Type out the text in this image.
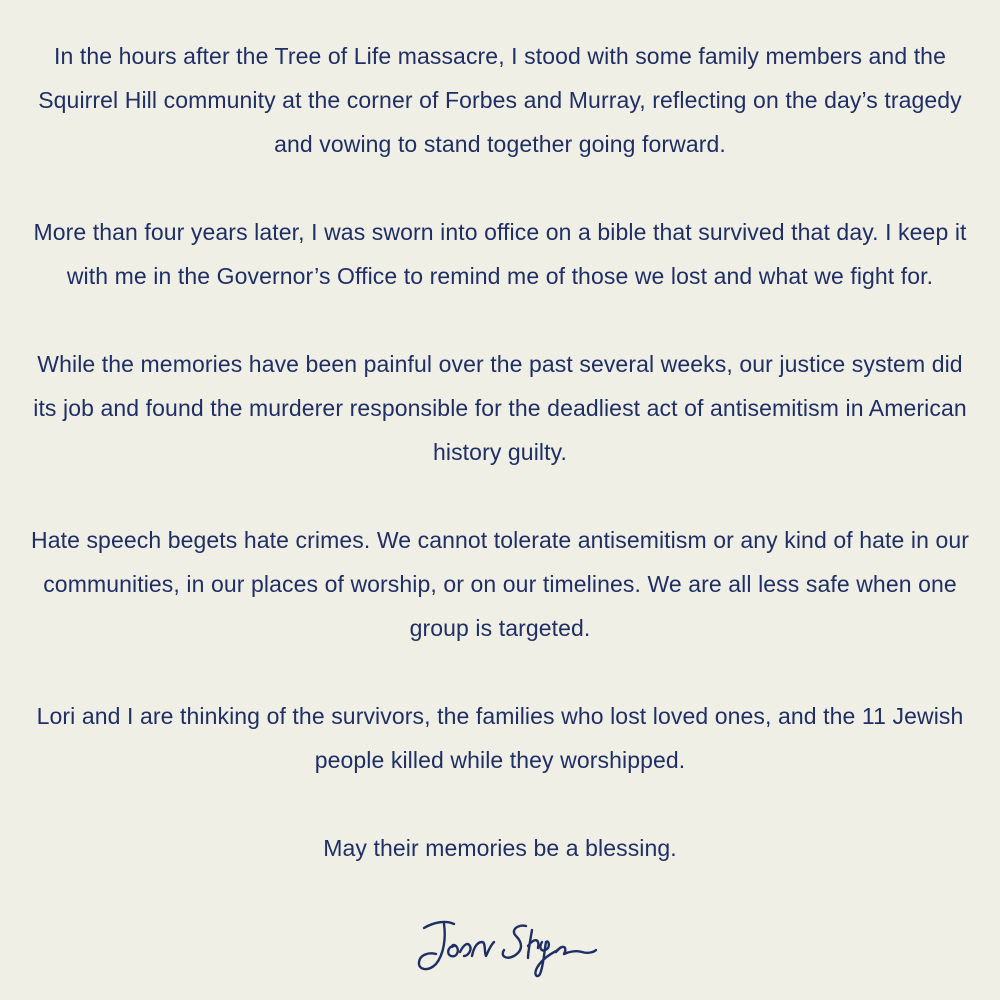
In the hours after the Tree of Life massacre, I stood with some family members and the Squirrel Hill community at the corner of Forbes and Murray, reflecting on the day’s tragedy and vowing to stand together going forward.

More than four years later, I was sworn into office on a bible that survived that day. I keep it with me in the Governor’s Office to remind me of those we lost and what we fight for.

While the memories have been painful over the past several weeks, our justice system did its job and found the murderer responsible for the deadliest act of antisemitism in American history guilty.

Hate speech begets hate crimes. We cannot tolerate antisemitism or any kind of hate in our communities, in our places of worship, or on our timelines. We are all less safe when one group is targeted.

Lori and I are thinking of the survivors, the families who lost loved ones, and the 11 Jewish people killed while they worshipped.

May their memories be a blessing.
